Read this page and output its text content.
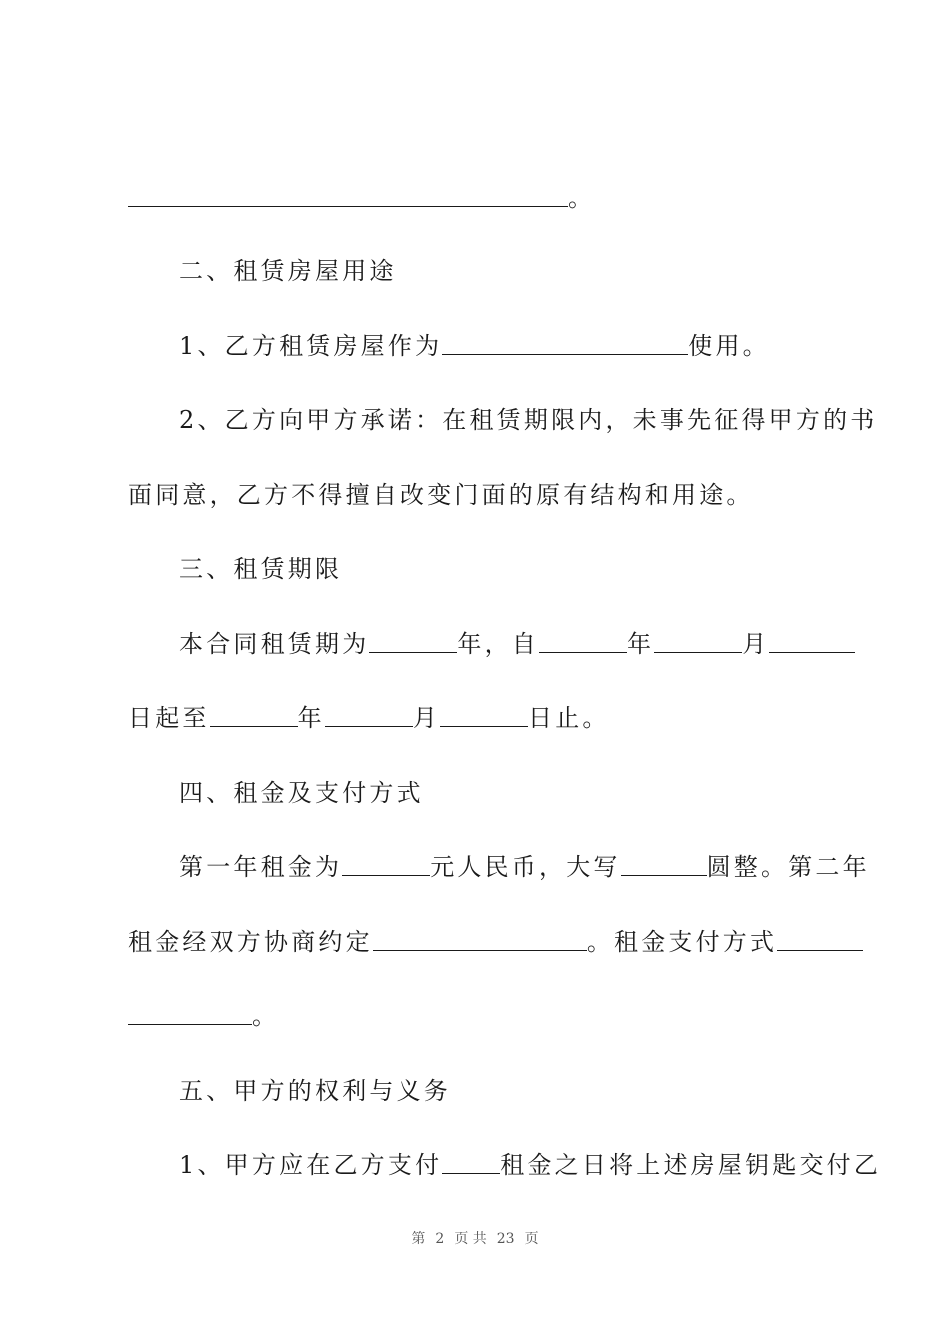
。
二、租赁房屋用途
1、乙方租赁房屋作为	使用。
2、乙方向甲方承诺：在租赁期限内，未事先征得甲方的书
面同意，乙方不得擅自改变门面的原有结构和用途。
三、租赁期限
本合同租赁期为	年，自	年	月
日起至	年	月	日止。
四、租金及支付方式
第一年租金为	元人民币，大写	圆整。第二年
租金经双方协商约定	。租金支付方式
。
五、甲方的权利与义务
1、甲方应在乙方支付 租金之日将上述房屋钥匙交付乙
第 2 页 共 23 页
